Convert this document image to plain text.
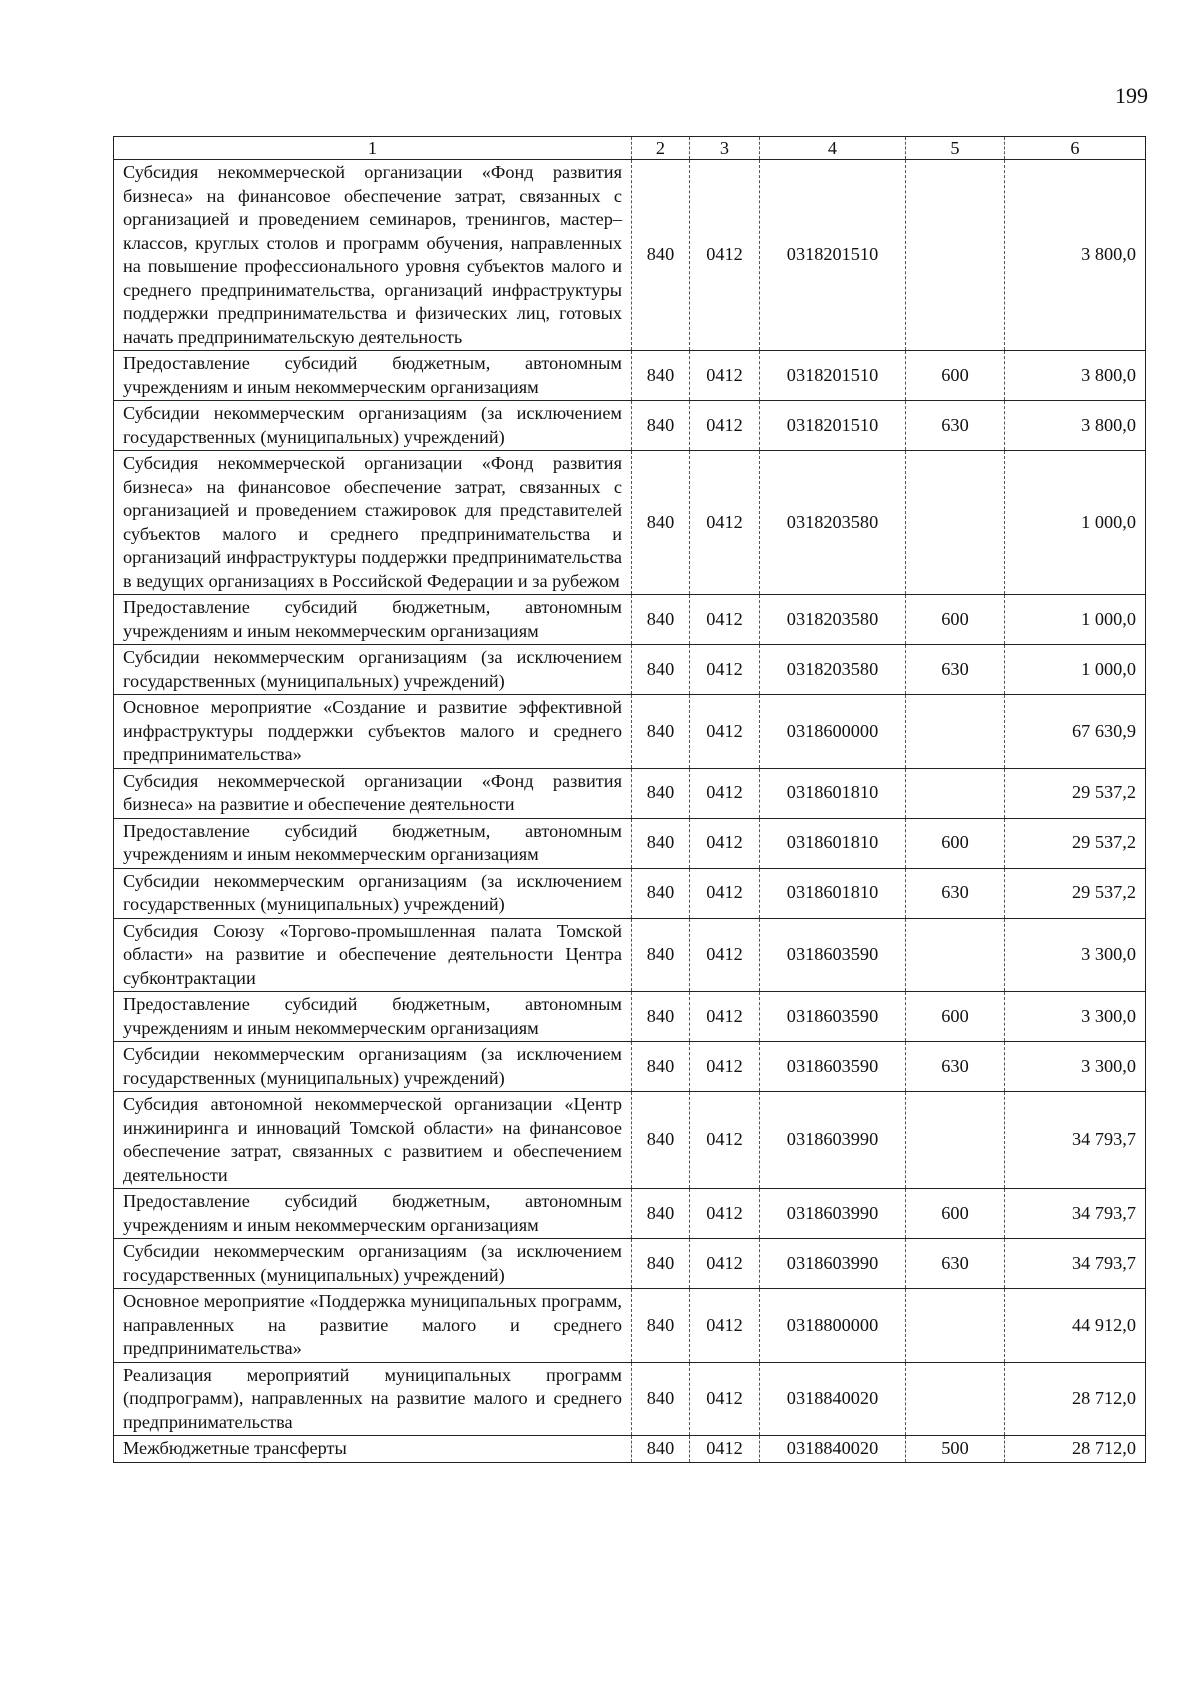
199
1	2	3	4	5	6
Субсидия некоммерческой организации «Фонд развития бизнеса» на финансовое обеспечение затрат, связанных с организацией и проведением семинаров, тренингов, мастер–классов, круглых столов и программ обучения, направленных на повышение профессионального уровня субъектов малого и среднего предпринимательства, организаций инфраструктуры поддержки предпринимательства и физических лиц, готовых начать предпринимательскую деятельность	840	0412	0318201510		3 800,0
Предоставление субсидий бюджетным, автономным учреждениям и иным некоммерческим организациям	840	0412	0318201510	600	3 800,0
Субсидии некоммерческим организациям (за исключением государственных (муниципальных) учреждений)	840	0412	0318201510	630	3 800,0
Субсидия некоммерческой организации «Фонд развития бизнеса» на финансовое обеспечение затрат, связанных с организацией и проведением стажировок для представителей субъектов малого и среднего предпринимательства и организаций инфраструктуры поддержки предпринимательства в ведущих организациях в Российской Федерации и за рубежом	840	0412	0318203580		1 000,0
Предоставление субсидий бюджетным, автономным учреждениям и иным некоммерческим организациям	840	0412	0318203580	600	1 000,0
Субсидии некоммерческим организациям (за исключением государственных (муниципальных) учреждений)	840	0412	0318203580	630	1 000,0
Основное мероприятие «Создание и развитие эффективной инфраструктуры поддержки субъектов малого и среднего предпринимательства»	840	0412	0318600000		67 630,9
Субсидия некоммерческой организации «Фонд развития бизнеса» на развитие и обеспечение деятельности	840	0412	0318601810		29 537,2
Предоставление субсидий бюджетным, автономным учреждениям и иным некоммерческим организациям	840	0412	0318601810	600	29 537,2
Субсидии некоммерческим организациям (за исключением государственных (муниципальных) учреждений)	840	0412	0318601810	630	29 537,2
Субсидия Союзу «Торгово-промышленная палата Томской области» на развитие и обеспечение деятельности Центра субконтрактации	840	0412	0318603590		3 300,0
Предоставление субсидий бюджетным, автономным учреждениям и иным некоммерческим организациям	840	0412	0318603590	600	3 300,0
Субсидии некоммерческим организациям (за исключением государственных (муниципальных) учреждений)	840	0412	0318603590	630	3 300,0
Субсидия автономной некоммерческой организации «Центр инжиниринга и инноваций Томской области» на финансовое обеспечение затрат, связанных с развитием и обеспечением деятельности	840	0412	0318603990		34 793,7
Предоставление субсидий бюджетным, автономным учреждениям и иным некоммерческим организациям	840	0412	0318603990	600	34 793,7
Субсидии некоммерческим организациям (за исключением государственных (муниципальных) учреждений)	840	0412	0318603990	630	34 793,7
Основное мероприятие «Поддержка муниципальных программ, направленных на развитие малого и среднего предпринимательства»	840	0412	0318800000		44 912,0
Реализация мероприятий муниципальных программ (подпрограмм), направленных на развитие малого и среднего предпринимательства	840	0412	0318840020		28 712,0
Межбюджетные трансферты	840	0412	0318840020	500	28 712,0
